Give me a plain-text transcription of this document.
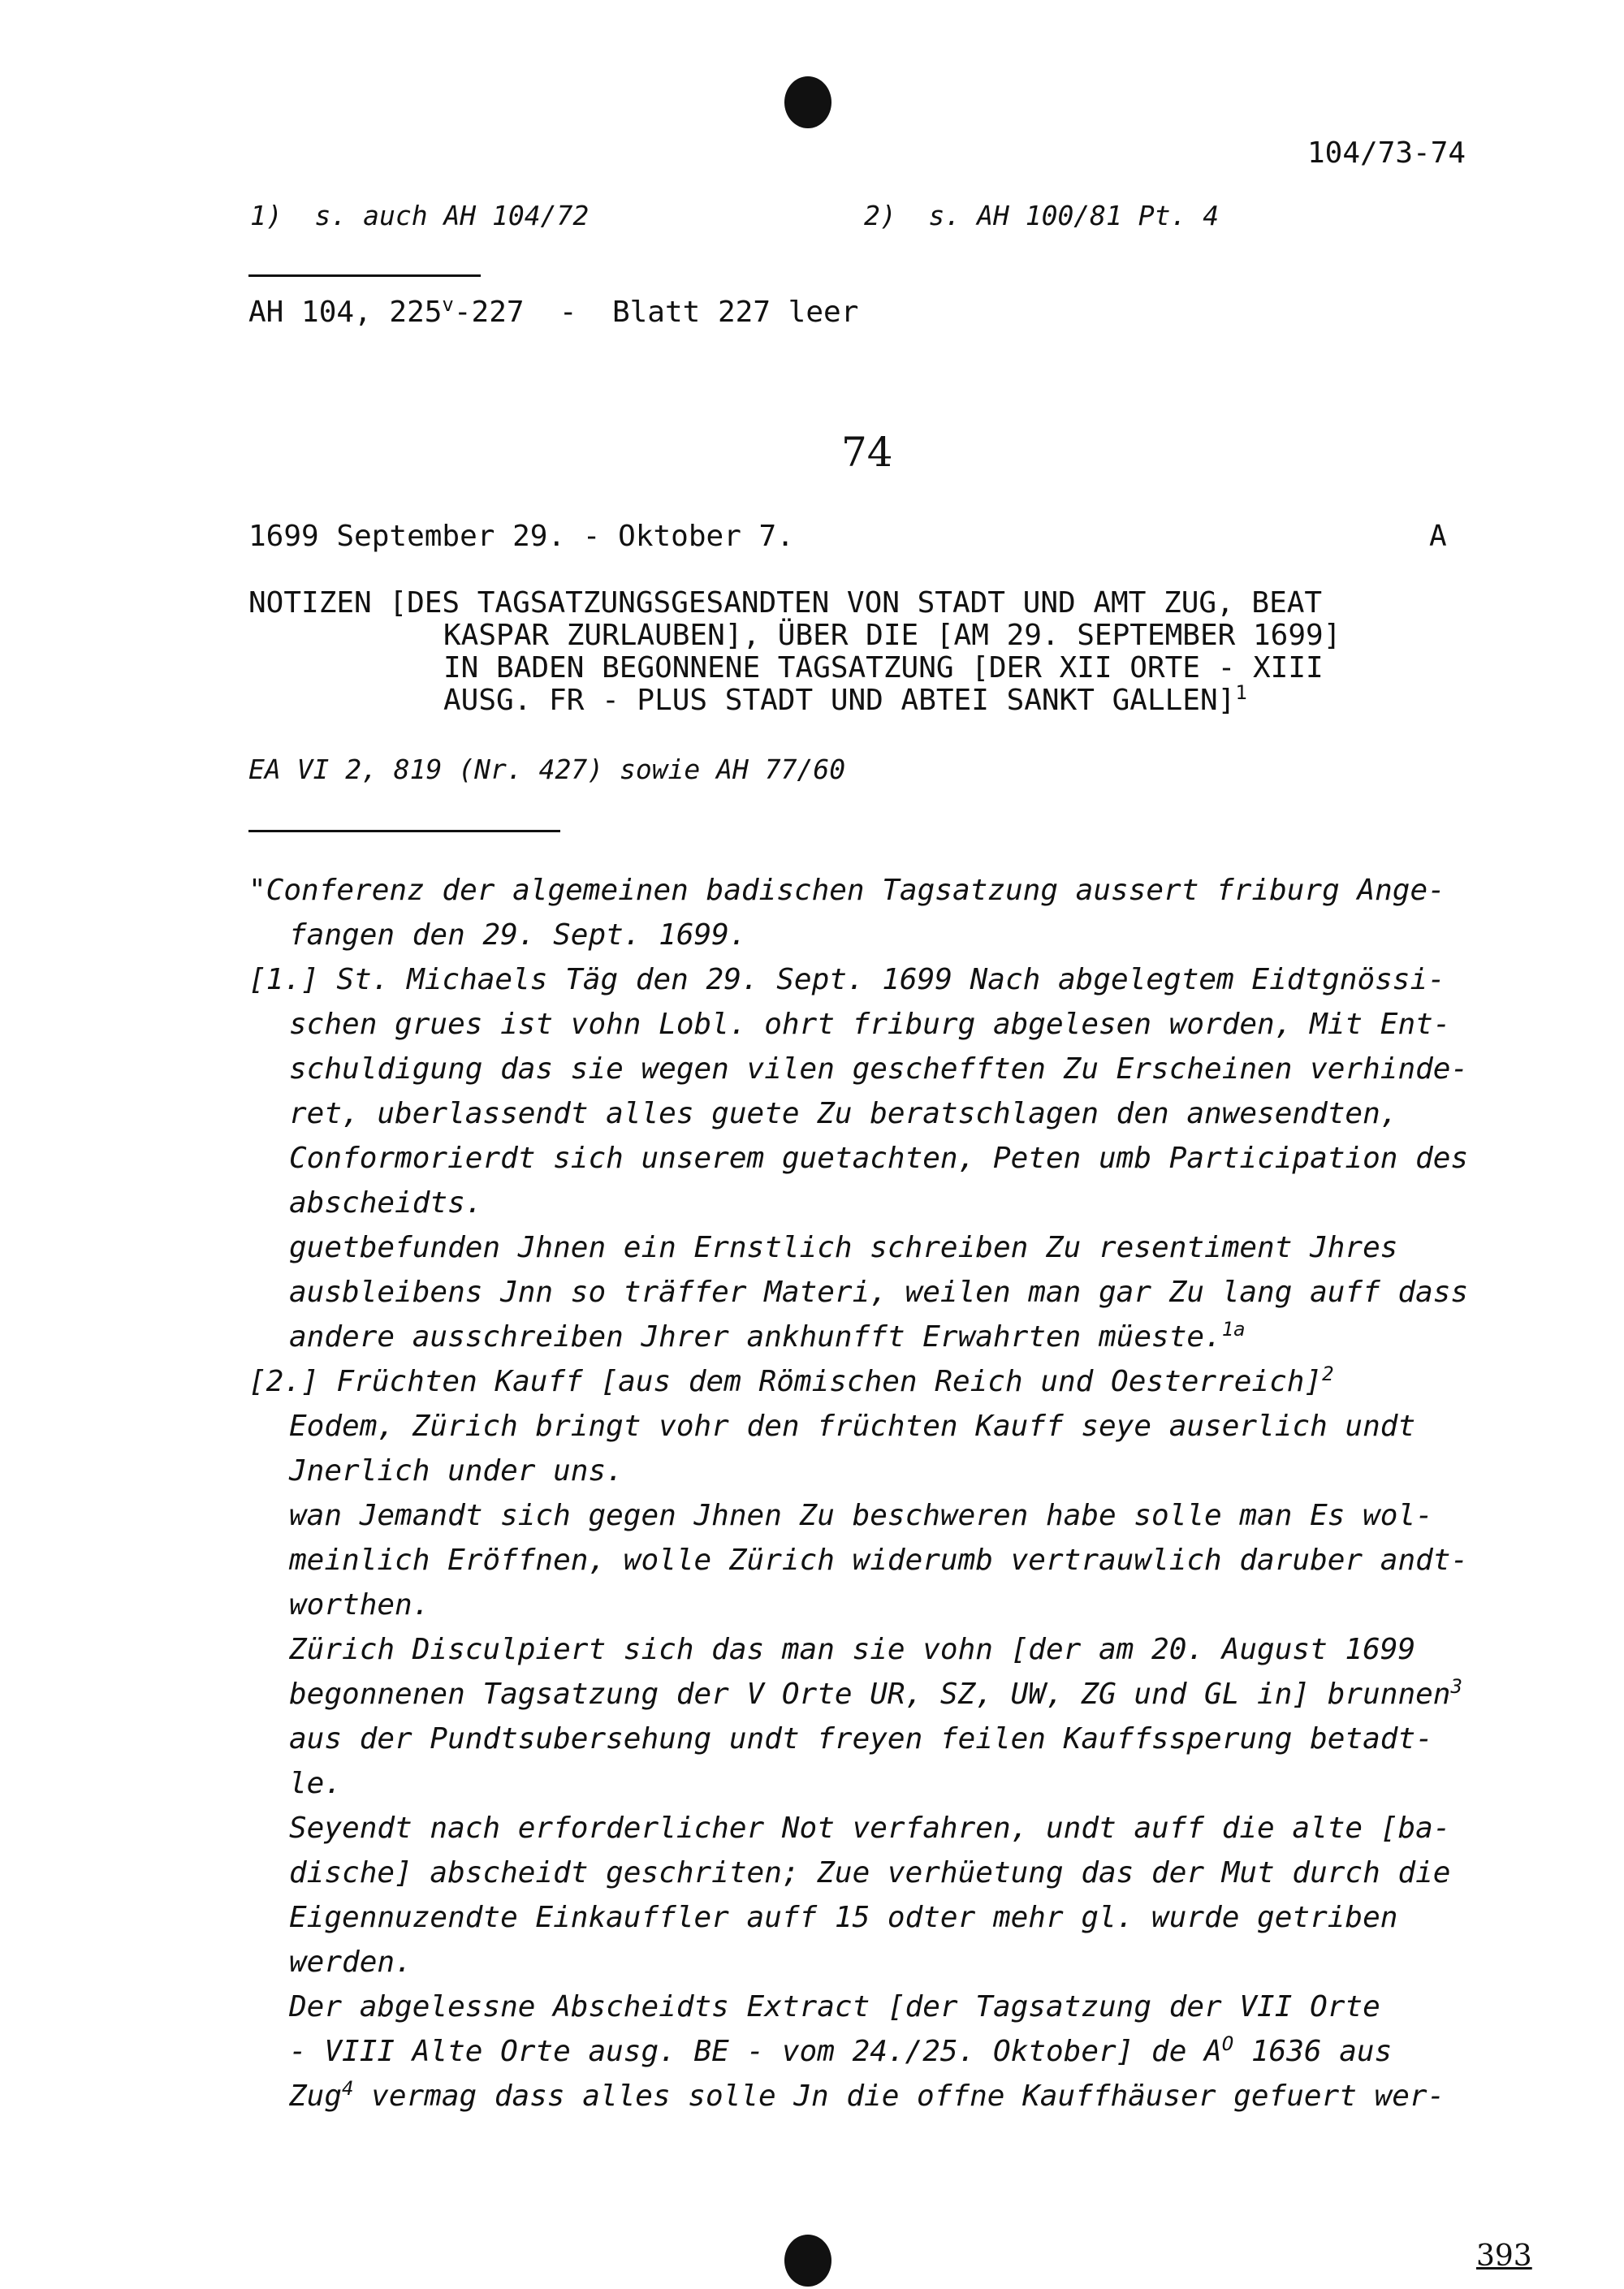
104/73-74
1) s. auch AH 104/72	2) s. AH 100/81 Pt. 4
AH 104, 225$^v$-227  -  Blatt 227 leer
74
1699 September 29. - Oktober 7.	A
NOTIZEN [DES TAGSATZUNGSGESANDTEN VON STADT UND AMT ZUG, BEAT
KASPAR ZURLAUBEN], ÜBER DIE [AM 29. SEPTEMBER 1699]
IN BADEN BEGONNENE TAGSATZUNG [DER XII ORTE - XIII
AUSG. FR - PLUS STADT UND ABTEI SANKT GALLEN]$^1$
EA VI 2, 819 (Nr. 427) sowie AH 77/60
"Conferenz der algemeinen badischen Tagsatzung aussert friburg Ange-
fangen den 29. Sept. 1699.
[1.] St. Michaels Täg den 29. Sept. 1699 Nach abgelegtem Eidtgnössi-
schen grues ist vohn Lobl. ohrt friburg abgelesen worden, Mit Ent-
schuldigung das sie wegen vilen geschefften Zu Erscheinen verhinde-
ret, uberlassendt alles guete Zu beratschlagen den anwesendten,
Conformorierdt sich unserem guetachten, Peten umb Participation des
abscheidts.
guetbefunden Jhnen ein Ernstlich schreiben Zu resentiment Jhres
ausbleibens Jnn so träffer Materi, weilen man gar Zu lang auff dass
andere ausschreiben Jhrer ankhunfft Erwahrten müeste.$^{1a}$
[2.] Früchten Kauff [aus dem Römischen Reich und Oesterreich]$^2$
Eodem, Zürich bringt vohr den früchten Kauff seye auserlich undt
Jnerlich under uns.
wan Jemandt sich gegen Jhnen Zu beschweren habe solle man Es wol-
meinlich Eröffnen, wolle Zürich widerumb vertrauwlich daruber andt-
worthen.
Zürich Disculpiert sich das man sie vohn [der am 20. August 1699
begonnenen Tagsatzung der V Orte UR, SZ, UW, ZG und GL in] brunnen$^3$
aus der Pundtsubersehung undt freyen feilen Kauffssperung betadt-
le.
Seyendt nach erforderlicher Not verfahren, undt auff die alte [ba-
dische] abscheidt geschriten; Zue verhüetung das der Mut durch die
Eigennuzendte Einkauffler auff 15 odter mehr gl. wurde getriben
werden.
Der abgelessne Abscheidts Extract [der Tagsatzung der VII Orte
- VIII Alte Orte ausg. BE - vom 24./25. Oktober] de $A^O$ 1636 aus
Zug$^4$ vermag dass alles solle Jn die offne Kauffhäuser gefuert wer-
393
